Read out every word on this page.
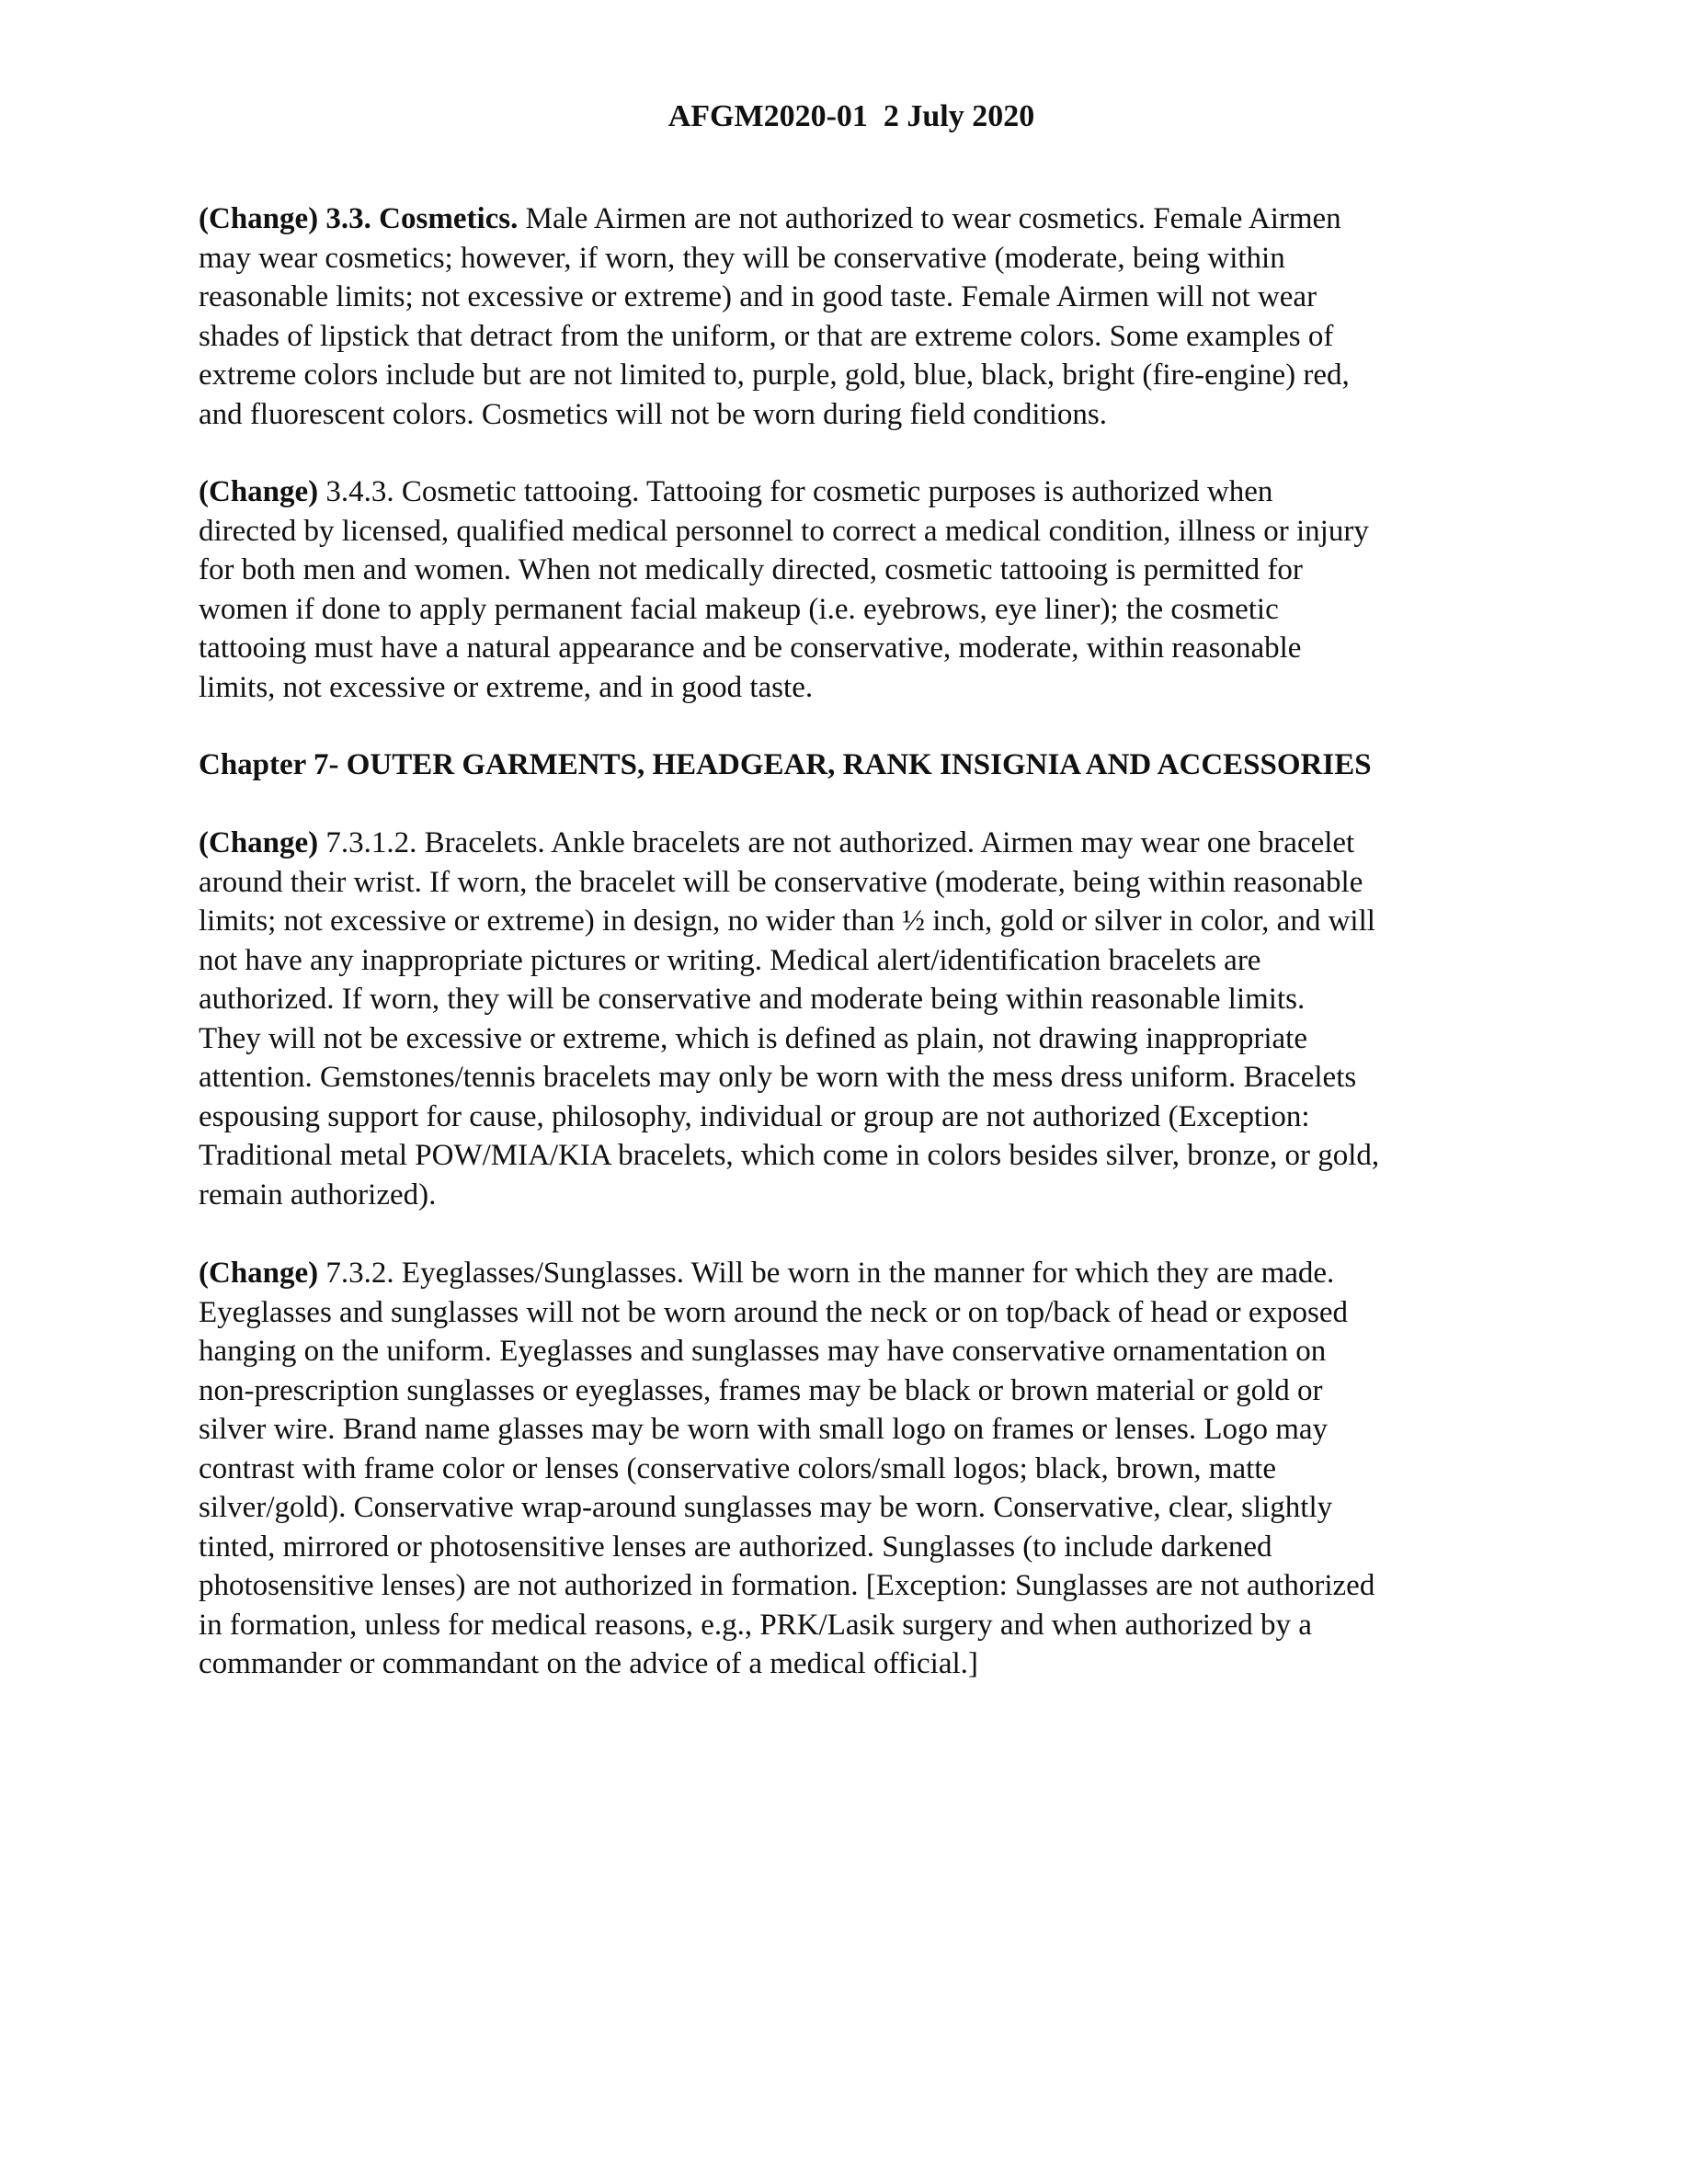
AFGM2020-01  2 July 2020

(Change) 3.3. Cosmetics. Male Airmen are not authorized to wear cosmetics. Female Airmen
may wear cosmetics; however, if worn, they will be conservative (moderate, being within
reasonable limits; not excessive or extreme) and in good taste. Female Airmen will not wear
shades of lipstick that detract from the uniform, or that are extreme colors. Some examples of
extreme colors include but are not limited to, purple, gold, blue, black, bright (fire-engine) red,
and fluorescent colors. Cosmetics will not be worn during field conditions.

(Change) 3.4.3. Cosmetic tattooing. Tattooing for cosmetic purposes is authorized when
directed by licensed, qualified medical personnel to correct a medical condition, illness or injury
for both men and women. When not medically directed, cosmetic tattooing is permitted for
women if done to apply permanent facial makeup (i.e. eyebrows, eye liner); the cosmetic
tattooing must have a natural appearance and be conservative, moderate, within reasonable
limits, not excessive or extreme, and in good taste.

Chapter 7- OUTER GARMENTS, HEADGEAR, RANK INSIGNIA AND ACCESSORIES

(Change) 7.3.1.2. Bracelets. Ankle bracelets are not authorized. Airmen may wear one bracelet
around their wrist. If worn, the bracelet will be conservative (moderate, being within reasonable
limits; not excessive or extreme) in design, no wider than ½ inch, gold or silver in color, and will
not have any inappropriate pictures or writing. Medical alert/identification bracelets are
authorized. If worn, they will be conservative and moderate being within reasonable limits.
They will not be excessive or extreme, which is defined as plain, not drawing inappropriate
attention. Gemstones/tennis bracelets may only be worn with the mess dress uniform. Bracelets
espousing support for cause, philosophy, individual or group are not authorized (Exception:
Traditional metal POW/MIA/KIA bracelets, which come in colors besides silver, bronze, or gold,
remain authorized).

(Change) 7.3.2. Eyeglasses/Sunglasses. Will be worn in the manner for which they are made.
Eyeglasses and sunglasses will not be worn around the neck or on top/back of head or exposed
hanging on the uniform. Eyeglasses and sunglasses may have conservative ornamentation on
non-prescription sunglasses or eyeglasses, frames may be black or brown material or gold or
silver wire. Brand name glasses may be worn with small logo on frames or lenses. Logo may
contrast with frame color or lenses (conservative colors/small logos; black, brown, matte
silver/gold). Conservative wrap-around sunglasses may be worn. Conservative, clear, slightly
tinted, mirrored or photosensitive lenses are authorized. Sunglasses (to include darkened
photosensitive lenses) are not authorized in formation. [Exception: Sunglasses are not authorized
in formation, unless for medical reasons, e.g., PRK/Lasik surgery and when authorized by a
commander or commandant on the advice of a medical official.]
